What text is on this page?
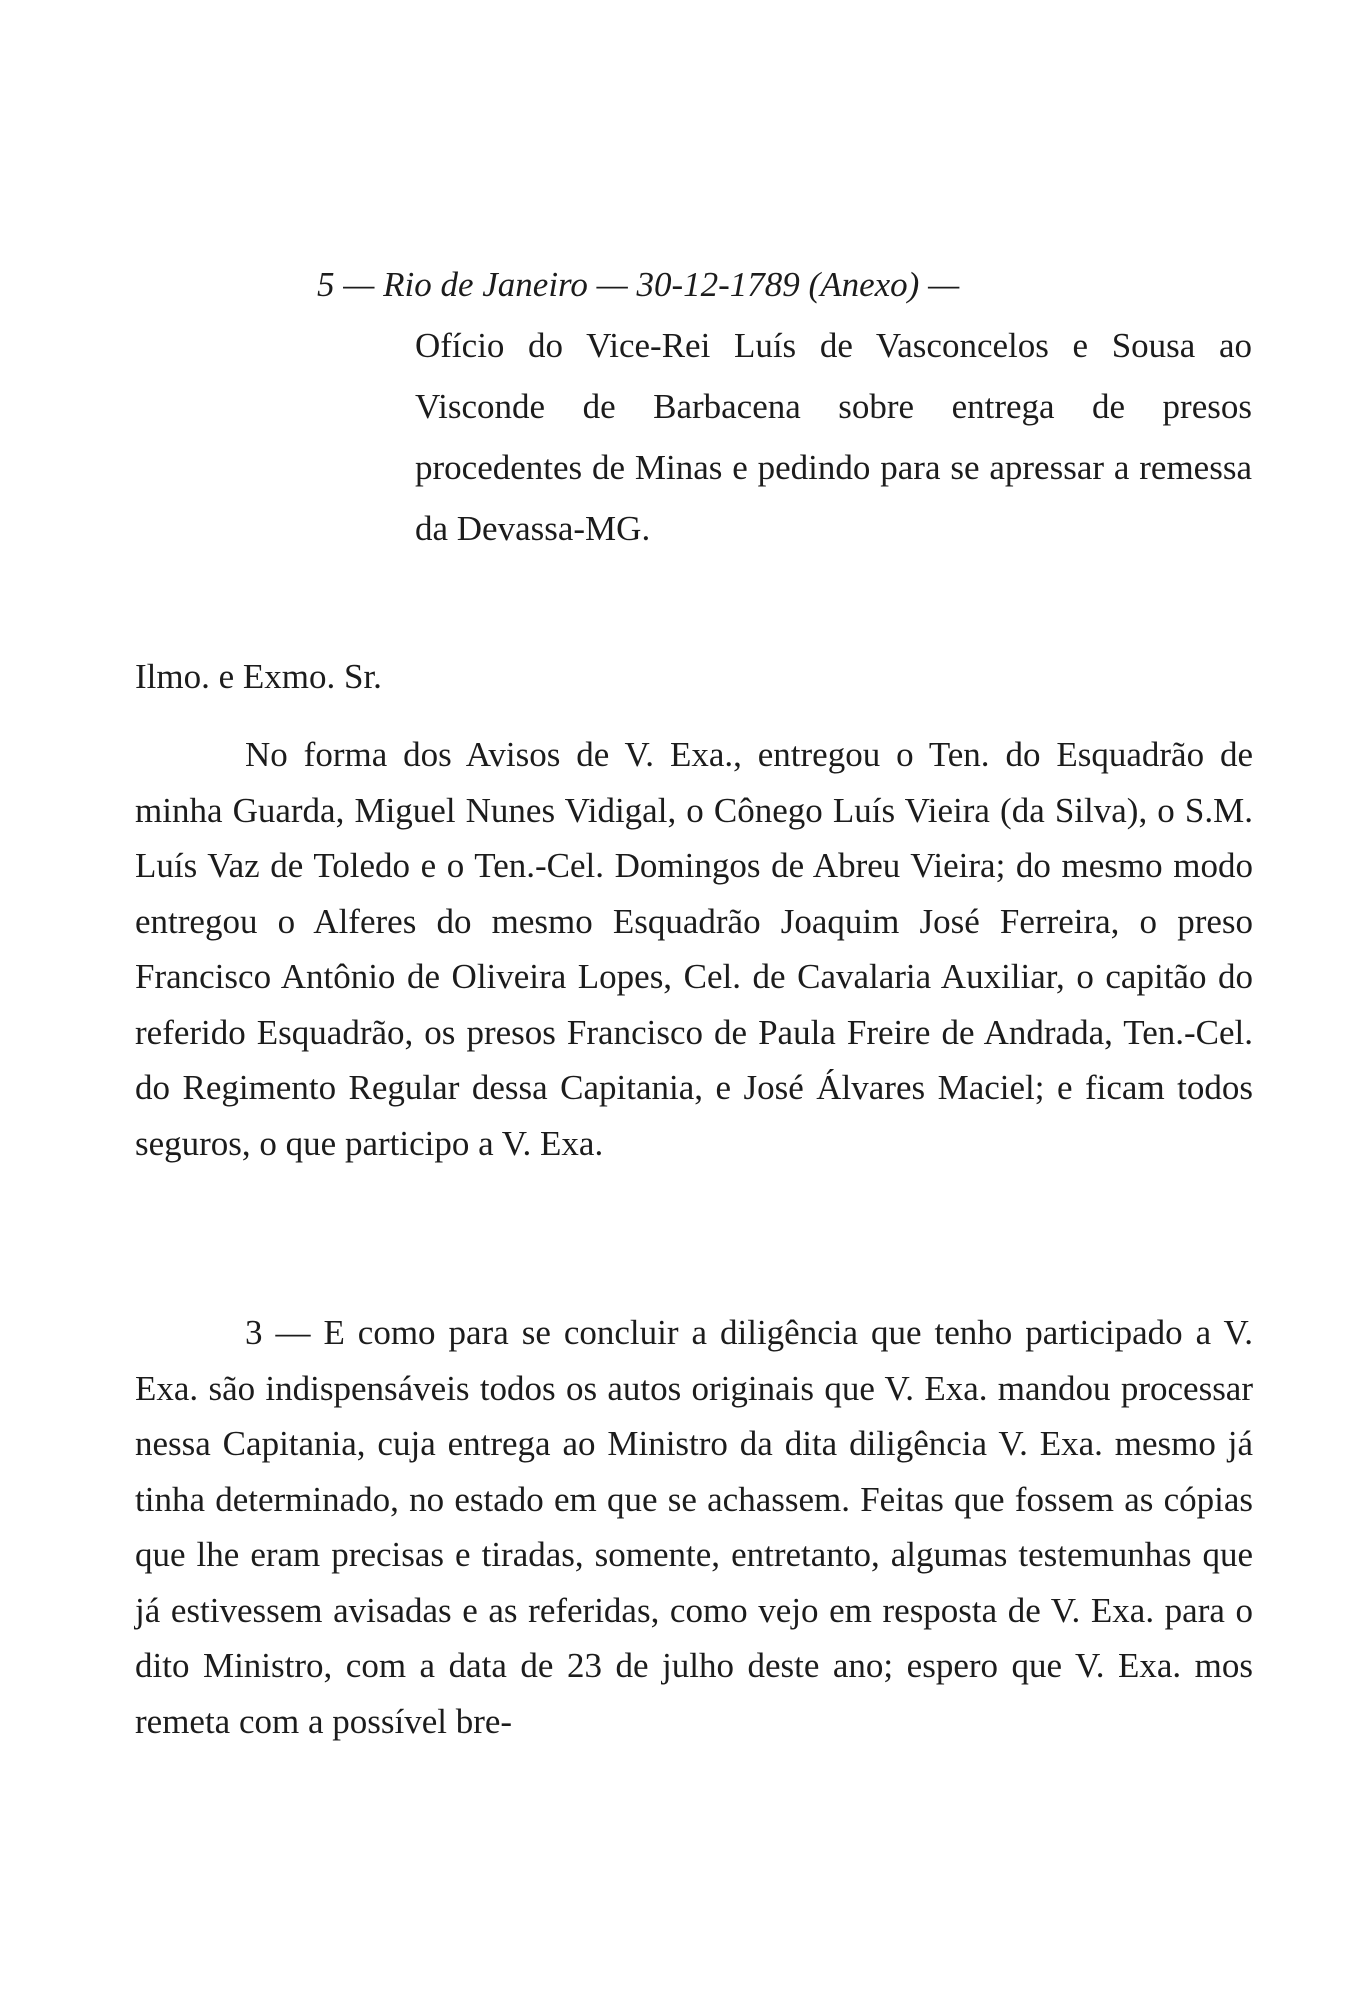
5 — Rio de Janeiro — 30-12-1789 (Anexo) —
Ofício do Vice-Rei Luís de Vasconcelos e Sousa ao Visconde de Barbacena sobre entrega de presos procedentes de Minas e pedindo para se apressar a remessa da Devassa-MG.
Ilmo. e Exmo. Sr.

No forma dos Avisos de V. Exa., entregou o Ten. do Esquadrão de minha Guarda, Miguel Nunes Vidigal, o Cônego Luís Vieira (da Silva), o S.M. Luís Vaz de Toledo e o Ten.-Cel. Domingos de Abreu Vieira; do mesmo modo entregou o Alferes do mesmo Esquadrão Joaquim José Ferreira, o preso Francisco Antônio de Oliveira Lopes, Cel. de Cavalaria Auxiliar, o capitão do referido Esquadrão, os presos Francisco de Paula Freire de Andrada, Ten.-Cel. do Regimento Regular dessa Capitania, e José Álvares Maciel; e ficam todos seguros, o que participo a V. Exa.

3 — E como para se concluir a diligência que tenho participado a V. Exa. são indispensáveis todos os autos originais que V. Exa. mandou processar nessa Capitania, cuja entrega ao Ministro da dita diligência V. Exa. mesmo já tinha determinado, no estado em que se achassem. Feitas que fossem as cópias que lhe eram precisas e tiradas, somente, entretanto, algumas testemunhas que já estivessem avisadas e as referidas, como vejo em resposta de V. Exa. para o dito Ministro, com a data de 23 de julho deste ano; espero que V. Exa. mos remeta com a possível bre-
